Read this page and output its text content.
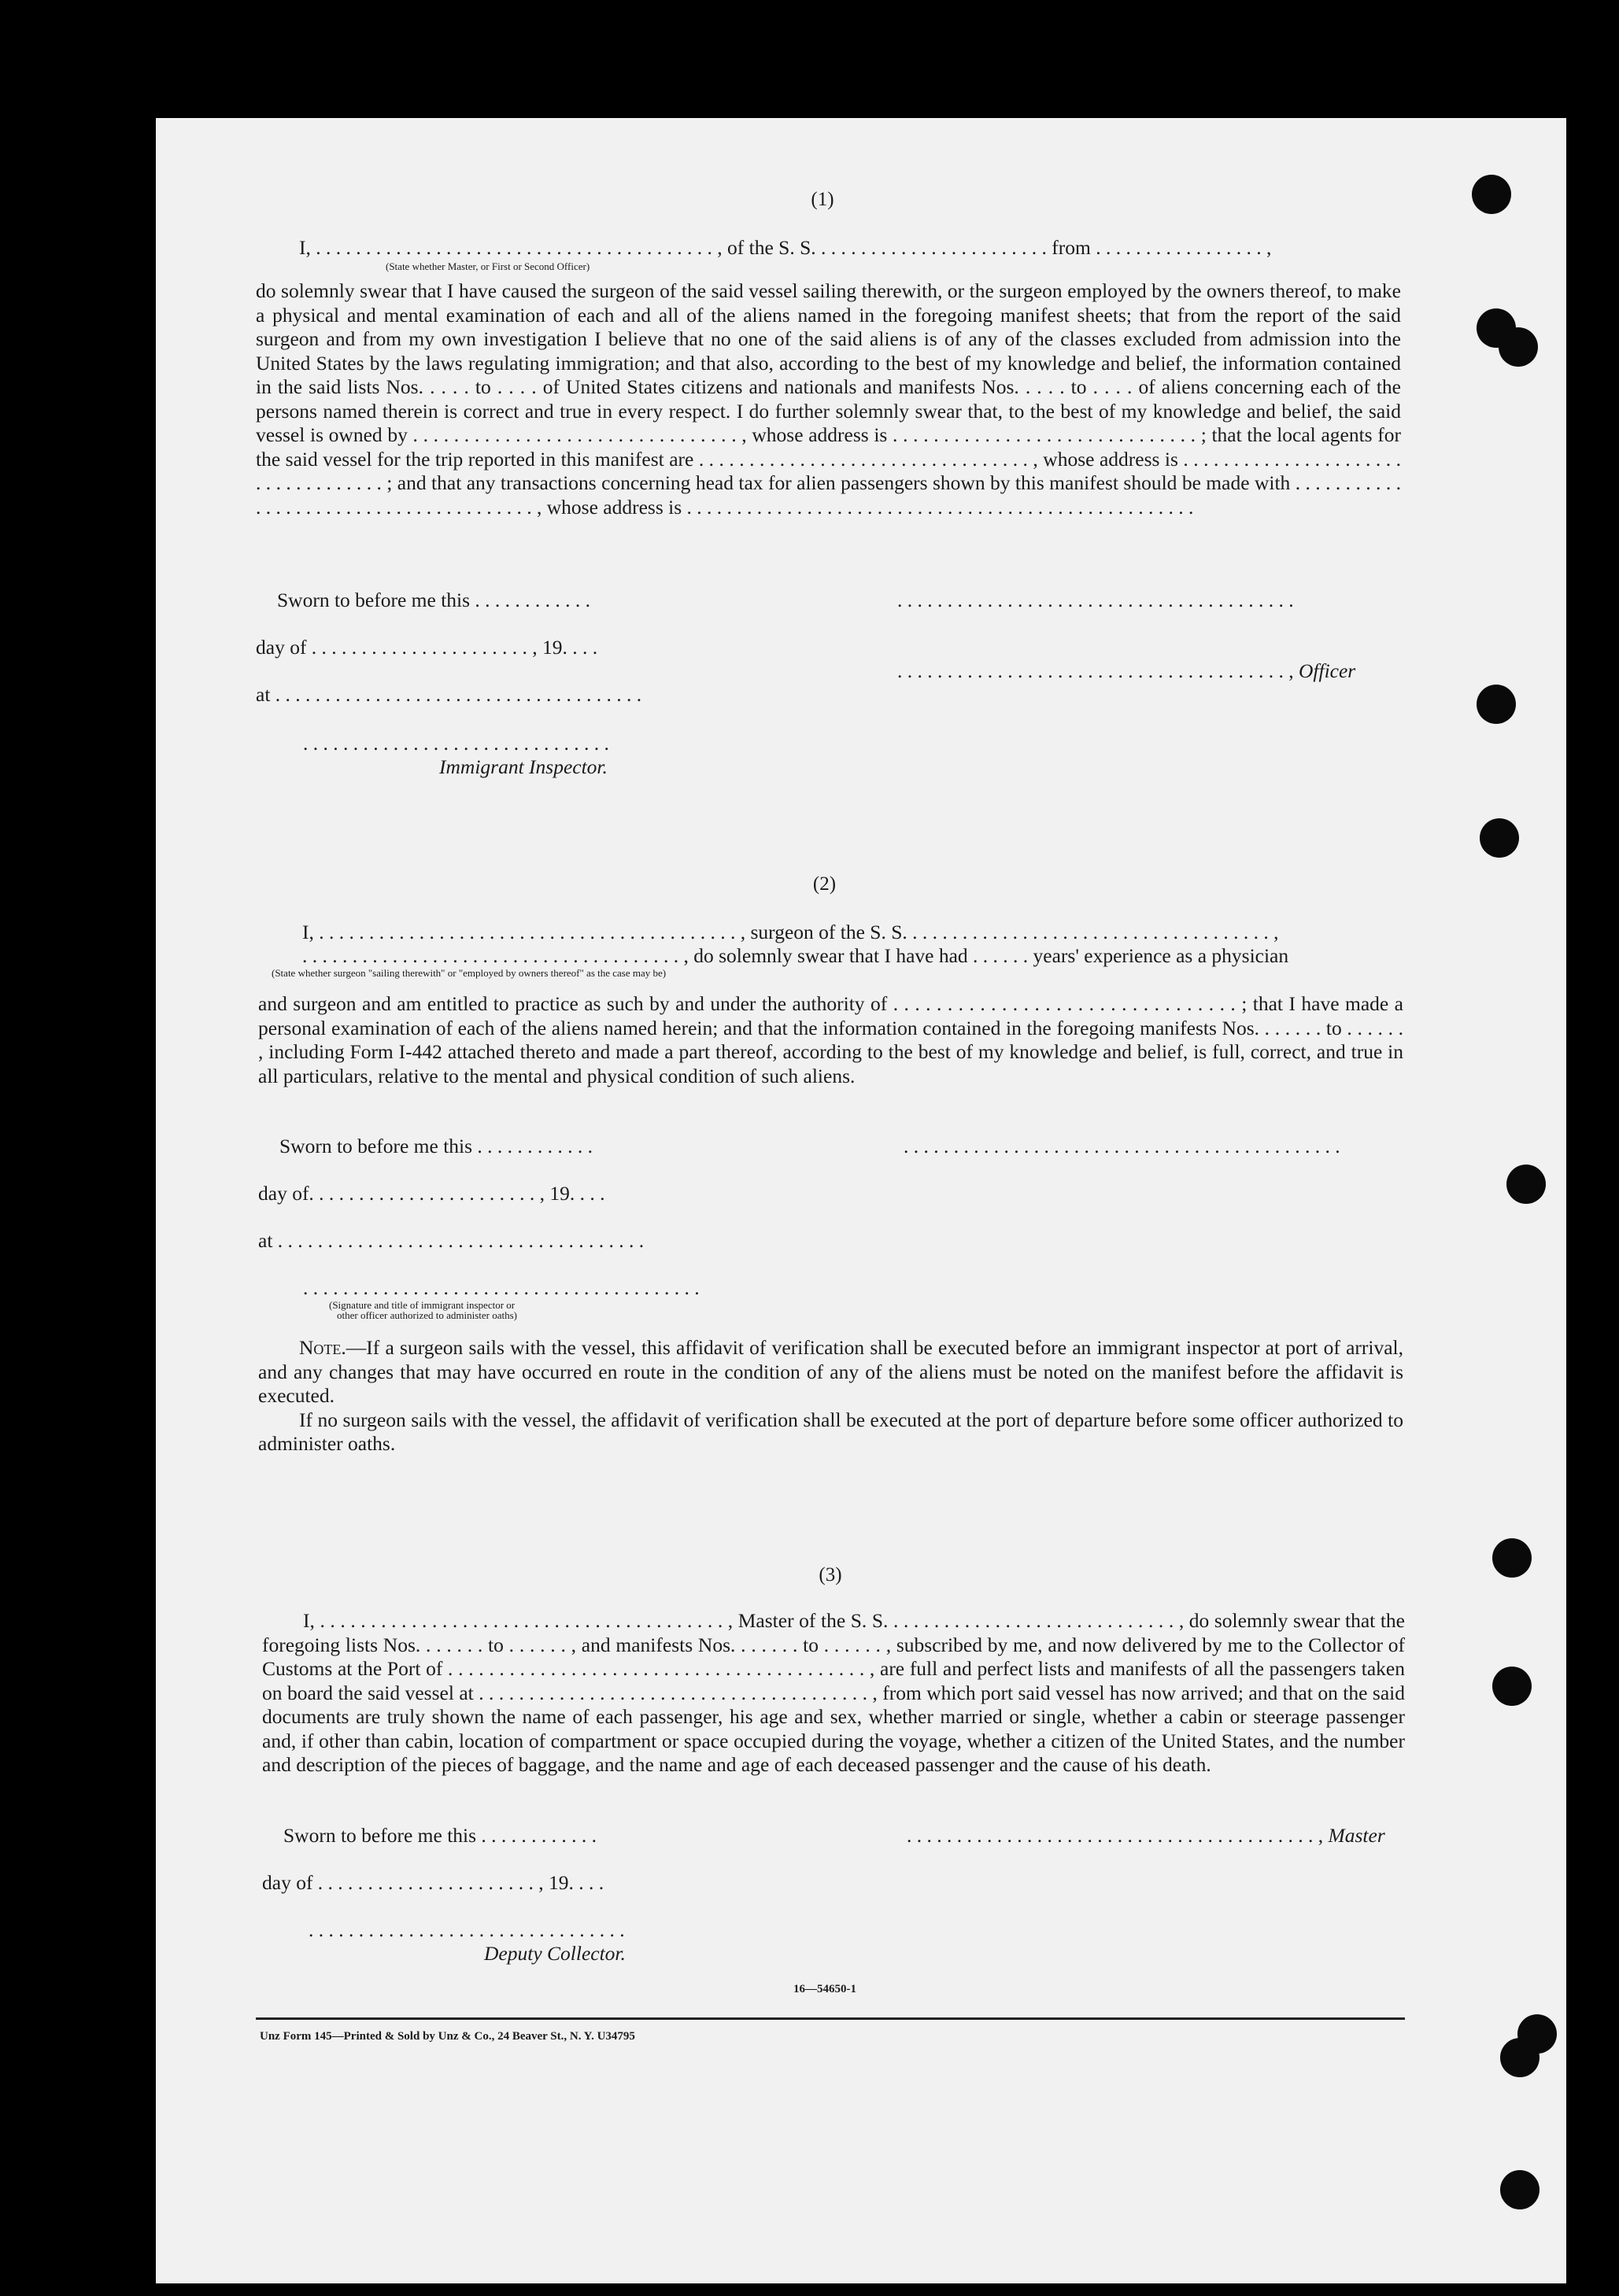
(1)
I, . . . . . . . . . . . . . . . . . . . . . . . . . . . . . . . . . . . . . . . . , of the S. S. . . . . . . . . . . . . . . . . . . . . . . . from . . . . . . . . . . . . . . . . . ,
(State whether Master, or First or Second Officer)

do solemnly swear that I have caused the surgeon of the said vessel sailing therewith, or the surgeon employed by the owners thereof, to make a physical and mental examination of each and all of the aliens named in the foregoing manifest sheets; that from the report of the said surgeon and from my own investigation I believe that no one of the said aliens is of any of the classes excluded from admission into the United States by the laws regulating immigration; and that also, according to the best of my knowledge and belief, the information contained in the said lists Nos. . . . . to . . . . of United States citizens and nationals and manifests Nos. . . . . to . . . . of aliens concerning each of the persons named therein is correct and true in every respect. I do further solemnly swear that, to the best of my knowledge and belief, the said vessel is owned by . . . . . . . . . . . . . . . . . . . . . . . . . . . . . . . . , whose address is . . . . . . . . . . . . . . . . . . . . . . . . . . . . . . ; that the local agents for the said vessel for the trip reported in this manifest are . . . . . . . . . . . . . . . . . . . . . . . . . . . . . . . . . , whose address is . . . . . . . . . . . . . . . . . . . . . . . . . . . . . . . . . . . ; and that any transactions concerning head tax for alien passengers shown by this manifest should be made with . . . . . . . . . . . . . . . . . . . . . . . . . . . . . . . . . . . . . . . , whose address is . . . . . . . . . . . . . . . . . . . . . . . . . . . . . . . . . . . . . . . . . . . . . . . . . . .

Sworn to before me this . . . . . . . . . . . .	. . . . . . . . . . . . . . . . . . . . . . . . . . . . . . . . . . . . . . . .
day of . . . . . . . . . . . . . . . . . . . . . . , 19. . . .
. . . . . . . . . . . . . . . . . . . . . . . . . . . . . . . . . . . . . . . , Officer
at . . . . . . . . . . . . . . . . . . . . . . . . . . . . . . . . . . . . .
. . . . . . . . . . . . . . . . . . . . . . . . . . . . . . .
Immigrant Inspector.
(2)
I, . . . . . . . . . . . . . . . . . . . . . . . . . . . . . . . . . . . . . . . . . . , surgeon of the S. S. . . . . . . . . . . . . . . . . . . . . . . . . . . . . . . . . . . . . ,
. . . . . . . . . . . . . . . . . . . . . . . . . . . . . . . . . . . . . . , do solemnly swear that I have had . . . . . . years' experience as a physician
(State whether surgeon "sailing therewith" or "employed by owners thereof" as the case may be)

and surgeon and am entitled to practice as such by and under the authority of . . . . . . . . . . . . . . . . . . . . . . . . . . . . . . . . ; that I have made a personal examination of each of the aliens named herein; and that the information contained in the foregoing manifests Nos. . . . . . . to . . . . . . , including Form I-442 attached thereto and made a part thereof, according to the best of my knowledge and belief, is full, correct, and true in all particulars, relative to the mental and physical condition of such aliens.

Sworn to before me this . . . . . . . . . . . .	. . . . . . . . . . . . . . . . . . . . . . . . . . . . . . . . . . . . . . . . . . . .
day of. . . . . . . . . . . . . . . . . . . . . . . , 19. . . .
at . . . . . . . . . . . . . . . . . . . . . . . . . . . . . . . . . . . . .
. . . . . . . . . . . . . . . . . . . . . . . . . . . . . . . . . . . . . . . .
(Signature and title of immigrant inspector or
other officer authorized to administer oaths)

Note.—If a surgeon sails with the vessel, this affidavit of verification shall be executed before an immigrant inspector at port of arrival, and any changes that may have occurred en route in the condition of any of the aliens must be noted on the manifest before the affidavit is executed.

If no surgeon sails with the vessel, the affidavit of verification shall be executed at the port of departure before some officer authorized to administer oaths.

(3)

I, . . . . . . . . . . . . . . . . . . . . . . . . . . . . . . . . . . . . . . . . , Master of the S. S. . . . . . . . . . . . . . . . . . . . . . . . . . . . . , do solemnly swear that the foregoing lists Nos. . . . . . . to . . . . . . , and manifests Nos. . . . . . . to . . . . . . , subscribed by me, and now delivered by me to the Collector of Customs at the Port of . . . . . . . . . . . . . . . . . . . . . . . . . . . . . . . . . . . . . . . . . , are full and perfect lists and manifests of all the passengers taken on board the said vessel at . . . . . . . . . . . . . . . . . . . . . . . . . . . . . . . . . . . . . . . , from which port said vessel has now arrived; and that on the said documents are truly shown the name of each passenger, his age and sex, whether married or single, whether a cabin or steerage passenger and, if other than cabin, location of compartment or space occupied during the voyage, whether a citizen of the United States, and the number and description of the pieces of baggage, and the name and age of each deceased passenger and the cause of his death.

Sworn to before me this . . . . . . . . . . . .	. . . . . . . . . . . . . . . . . . . . . . . . . . . . . . . . . . . . . . . . . , Master
day of . . . . . . . . . . . . . . . . . . . . . . , 19. . . .
. . . . . . . . . . . . . . . . . . . . . . . . . . . . . . . .
Deputy Collector.
16—54650-1
Unz Form 145—Printed & Sold by Unz & Co., 24 Beaver St., N. Y. U34795
